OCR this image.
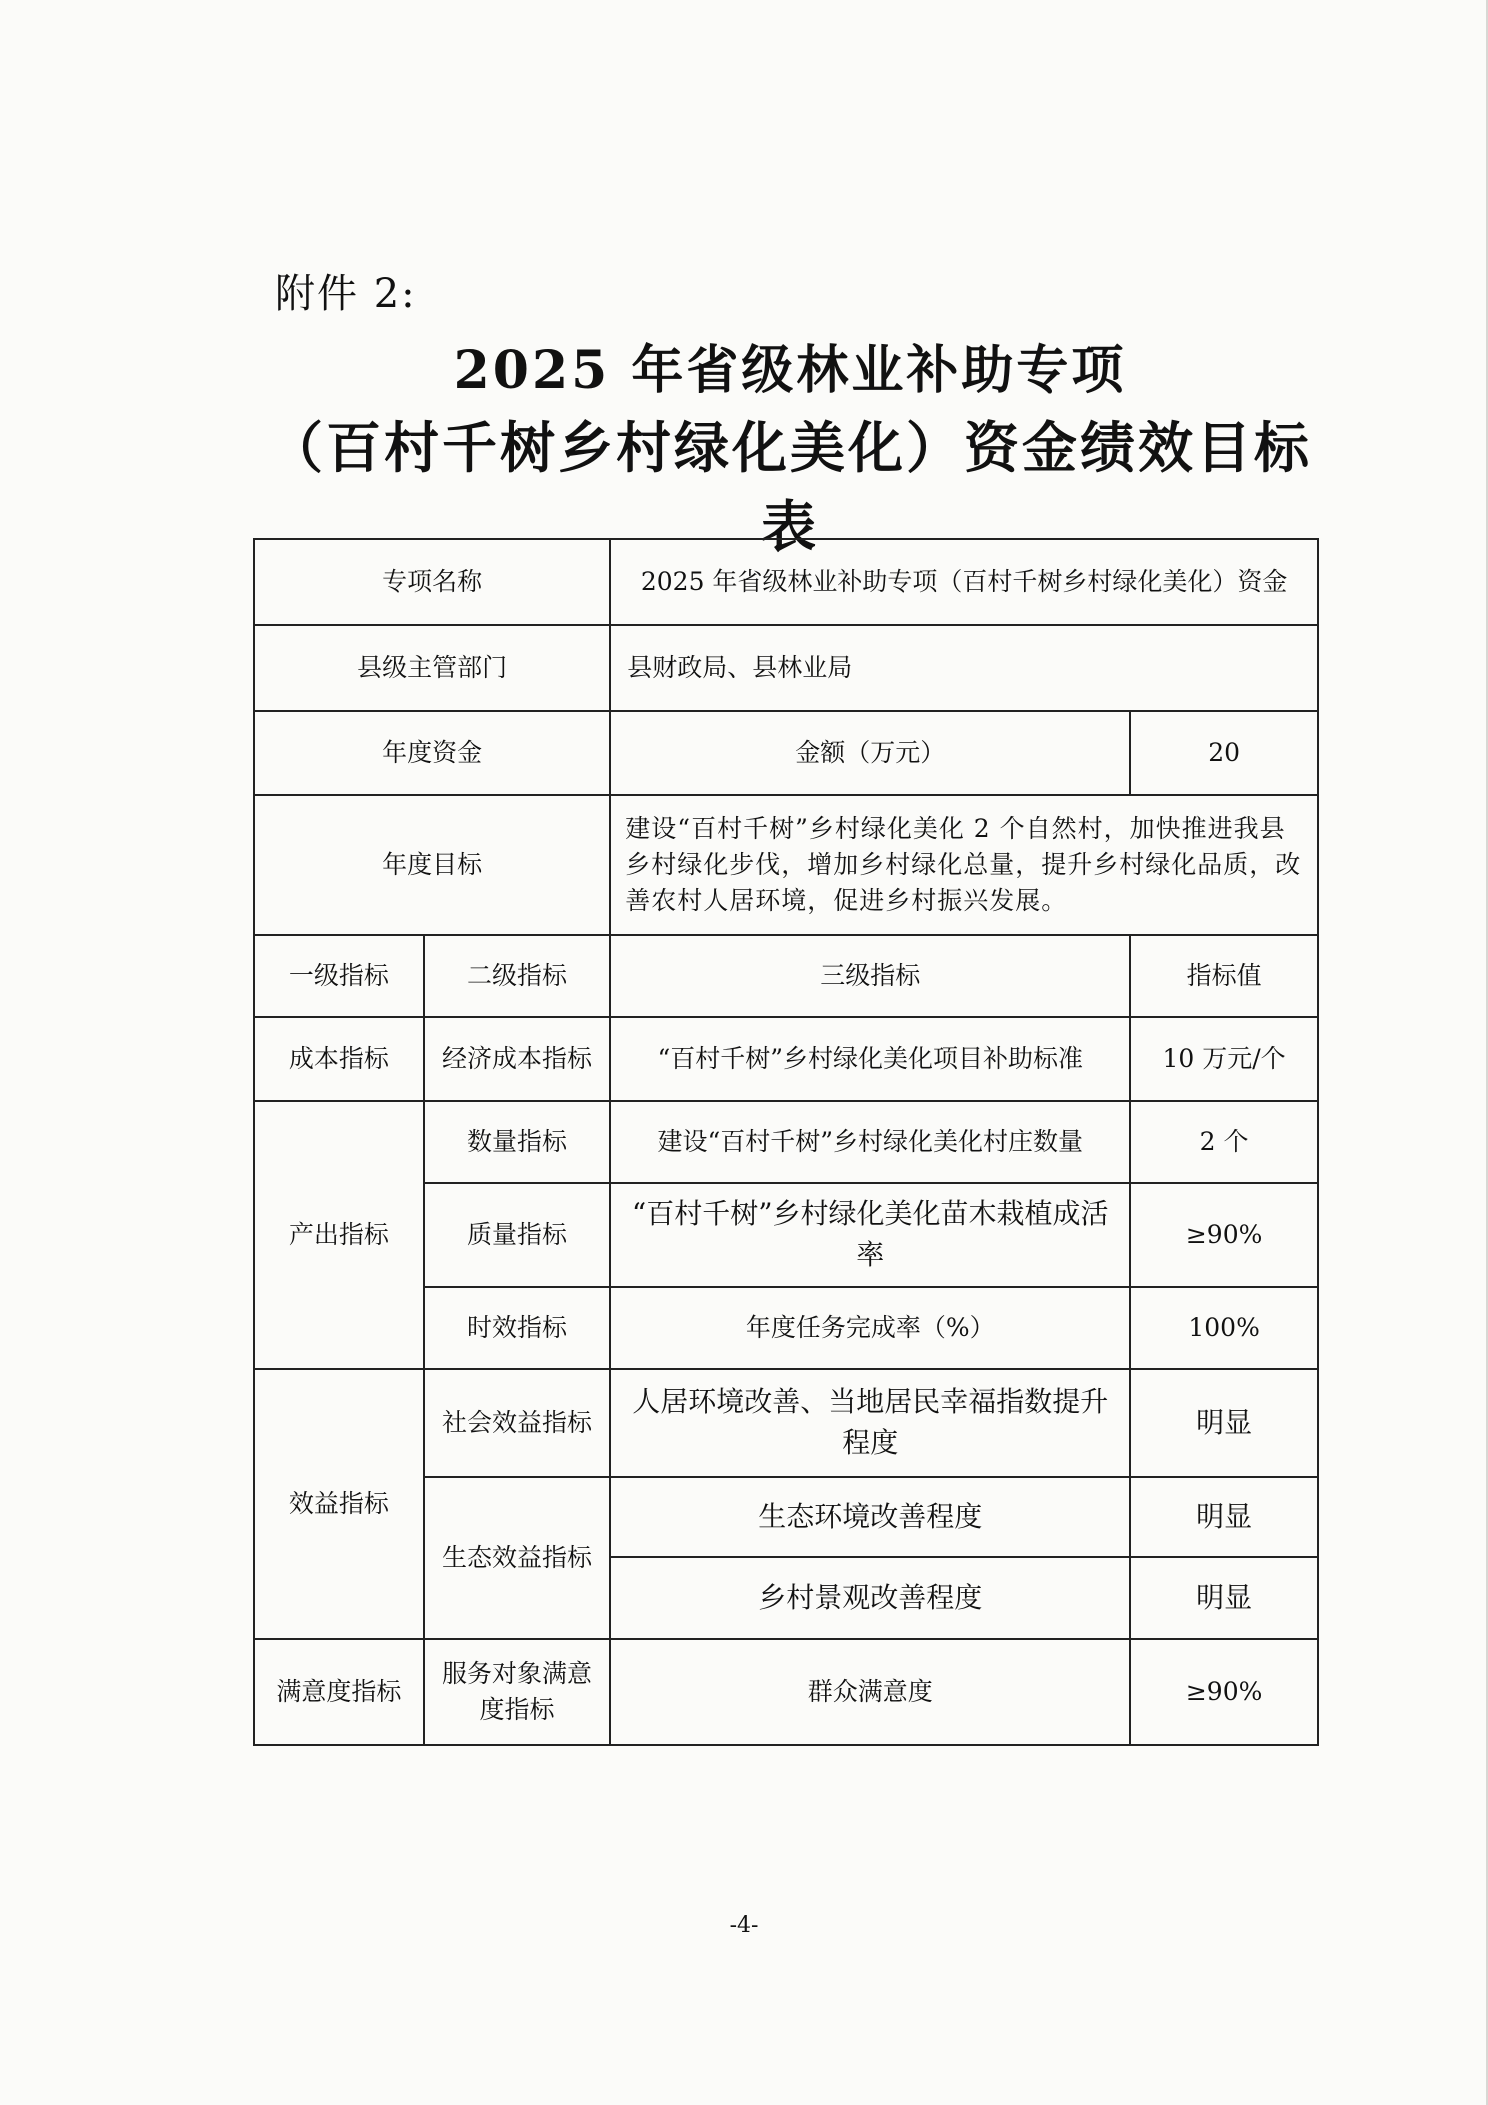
附件 2:
2025 年省级林业补助专项
（百村千树乡村绿化美化）资金绩效目标表
专项名称		2025 年省级林业补助专项（百村千树乡村绿化美化）资金	
县级主管部门		县财政局、县林业局	
年度资金		金额（万元）	20
年度目标		建设“百村千树”乡村绿化美化 2 个自然村，加快推进我县乡村绿化步伐，增加乡村绿化总量，提升乡村绿化品质，改善农村人居环境，促进乡村振兴发展。	
一级指标	二级指标	三级指标	指标值
成本指标	经济成本指标	“百村千树”乡村绿化美化项目补助标准	10 万元/个
产出指标	数量指标	建设“百村千树”乡村绿化美化村庄数量	2 个
	质量指标	“百村千树”乡村绿化美化苗木栽植成活率	≥90%
	时效指标	年度任务完成率（%）	100%
效益指标	社会效益指标	人居环境改善、当地居民幸福指数提升程度	明显
	生态效益指标	生态环境改善程度	明显
		乡村景观改善程度	明显
满意度指标	服务对象满意度指标	群众满意度	≥90%
-4-
